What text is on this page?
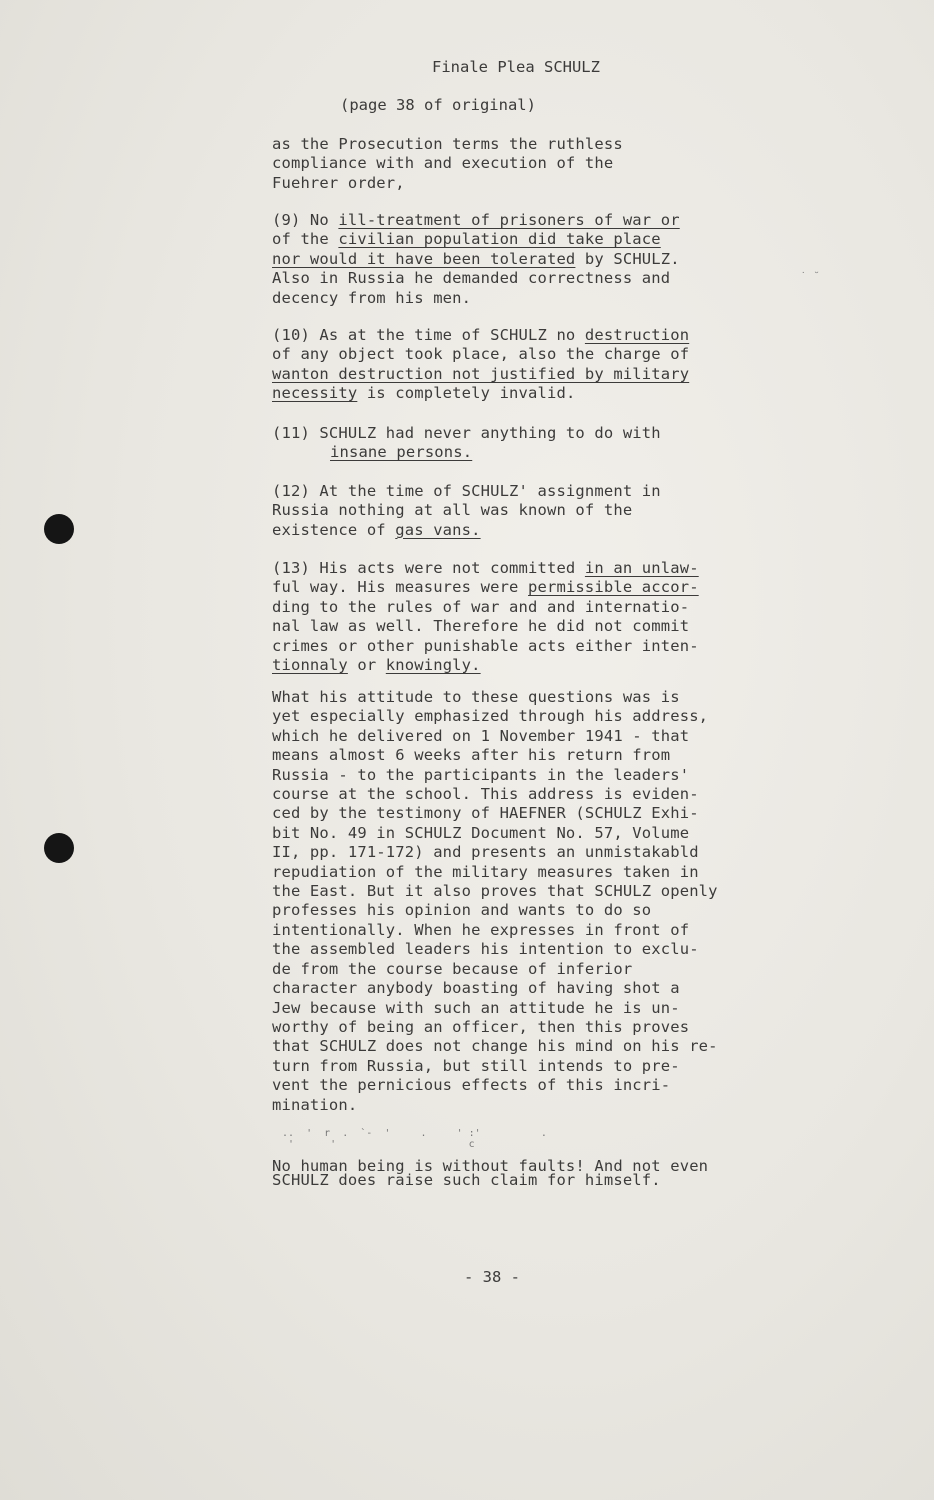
Finale Plea SCHULZ
(page 38 of original)
as the Prosecution terms the ruthless
compliance with and execution of the
Fuehrer order,
(9) No ill-treatment of prisoners of war or
of the civilian population did take place
nor would it have been tolerated by SCHULZ.
Also in Russia he demanded correctness and
decency from his men.
˙ ˘
(10) As at the time of SCHULZ no destruction
of any object took place, also the charge of
wanton destruction not justified by military
necessity is completely invalid.
(11) SCHULZ had never anything to do with
insane persons.
(12) At the time of SCHULZ' assignment in
Russia nothing at all was known of the
existence of gas vans.
(13) His acts were not committed in an unlaw-
ful way. His measures were permissible accor-
ding to the rules of war and and internatio-
nal law as well. Therefore he did not commit
crimes or other punishable acts either inten-
tionnaly or knowingly.
What his attitude to these questions was is
yet especially emphasized through his address,
which he delivered on 1 November 1941 - that
means almost 6 weeks after his return from
Russia - to the participants in the leaders'
course at the school. This address is eviden-
ced by the testimony of HAEFNER (SCHULZ Exhi-
bit No. 49 in SCHULZ Document No. 57, Volume
II, pp. 171-172) and presents an unmistakabld
repudiation of the military measures taken in
the East. But it also proves that SCHULZ openly
professes his opinion and wants to do so
intentionally. When he expresses in front of
the assembled leaders his intention to exclu-
de from the course because of inferior
character anybody boasting of having shot a
Jew because with such an attitude he is un-
worthy of being an officer, then this proves
that SCHULZ does not change his mind on his re-
turn from Russia, but still intends to pre-
vent the pernicious effects of this incri-
mination.
..  '  r  .  `-  '     .     ' :'          .
'      '                      c
No human being is without faults! And not even
SCHULZ does raise such claim for himself.
- 38 -
